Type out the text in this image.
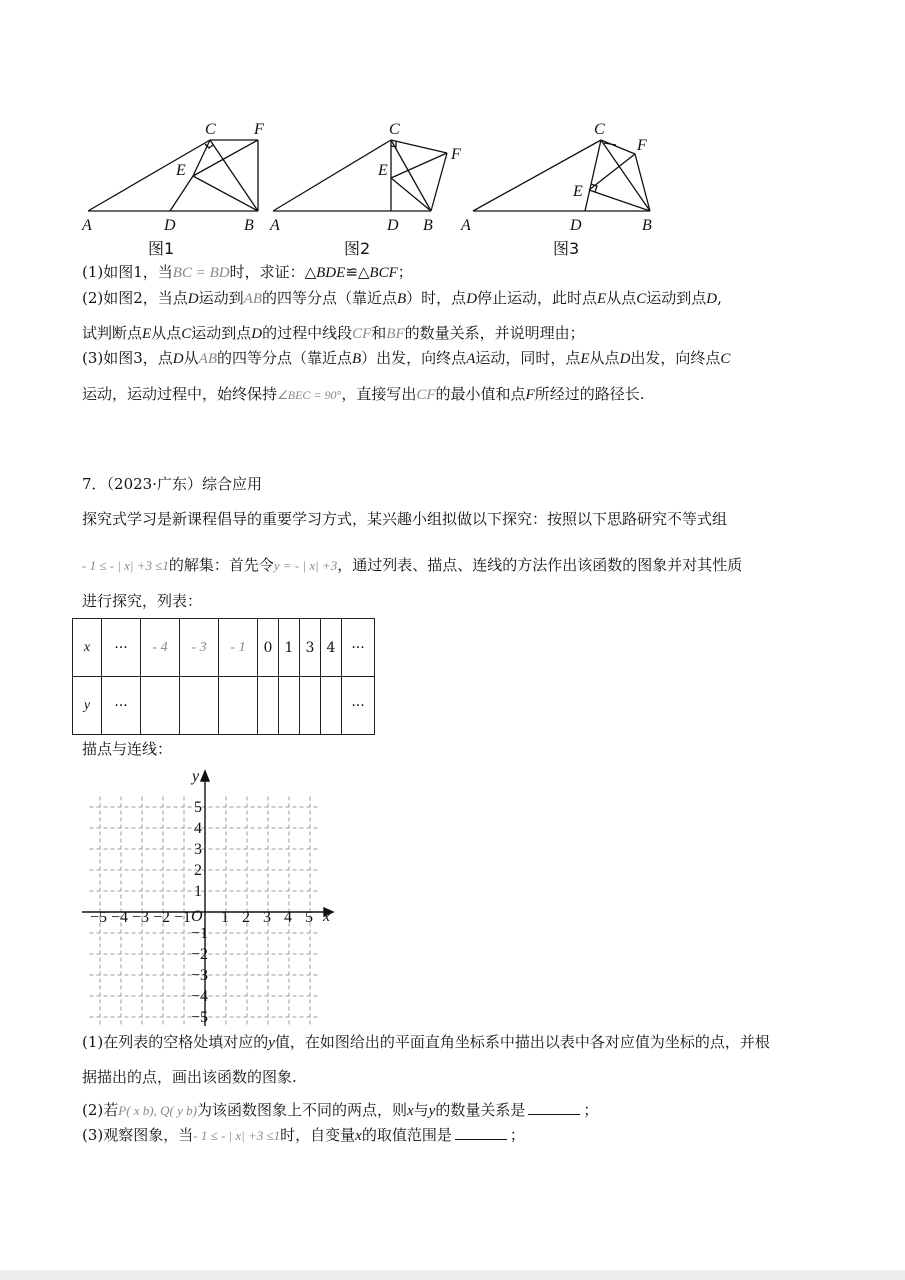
C F
E
A	D	B
C
F
E
A	D B
C
F
E
A	D	B
图1	图2	图3
(1)如图1，当BC = BD时，求证：△BDE≌△BCF；
(2)如图2，当点D运动到AB的四等分点（靠近点B）时，点D停止运动，此时点E从点C运动到点D,
试判断点E从点C运动到点D的过程中线段CF和BF的数量关系，并说明理由；
(3)如图3，点D从AB的四等分点（靠近点B）出发，向终点A运动，同时，点E从点D出发，向终点C
运动，运动过程中，始终保持∠BEC = 90°，直接写出CF的最小值和点F所经过的路径长.
7．（2023·广东）综合应用
探究式学习是新课程倡导的重要学习方式，某兴趣小组拟做以下探究：按照以下思路研究不等式组
- 1 ≤ - | x| +3 ≤1的解集：首先令y = - | x| +3，通过列表、描点、连线的方法作出该函数的图象并对其性质
进行探究，列表：
x	···	- 4	- 3	- 1	0	1	3	4	···
y	···								···
描点与连线：
y
x
O
−5	1
1
−1
−4	2
2
−2
−3	3
3
−3
−2	4
4
−4
−1	5
5
−5
(1)在列表的空格处填对应的y值，在如图给出的平面直角坐标系中描出以表中各对应值为坐标的点，并根
据描出的点，画出该函数的图象.
(2)若P( x b), Q( y b)为该函数图象上不同的两点，则x与y的数量关系是	；
(3)观察图象，当- 1 ≤ - | x| +3 ≤1时，自变量x的取值范围是	；
